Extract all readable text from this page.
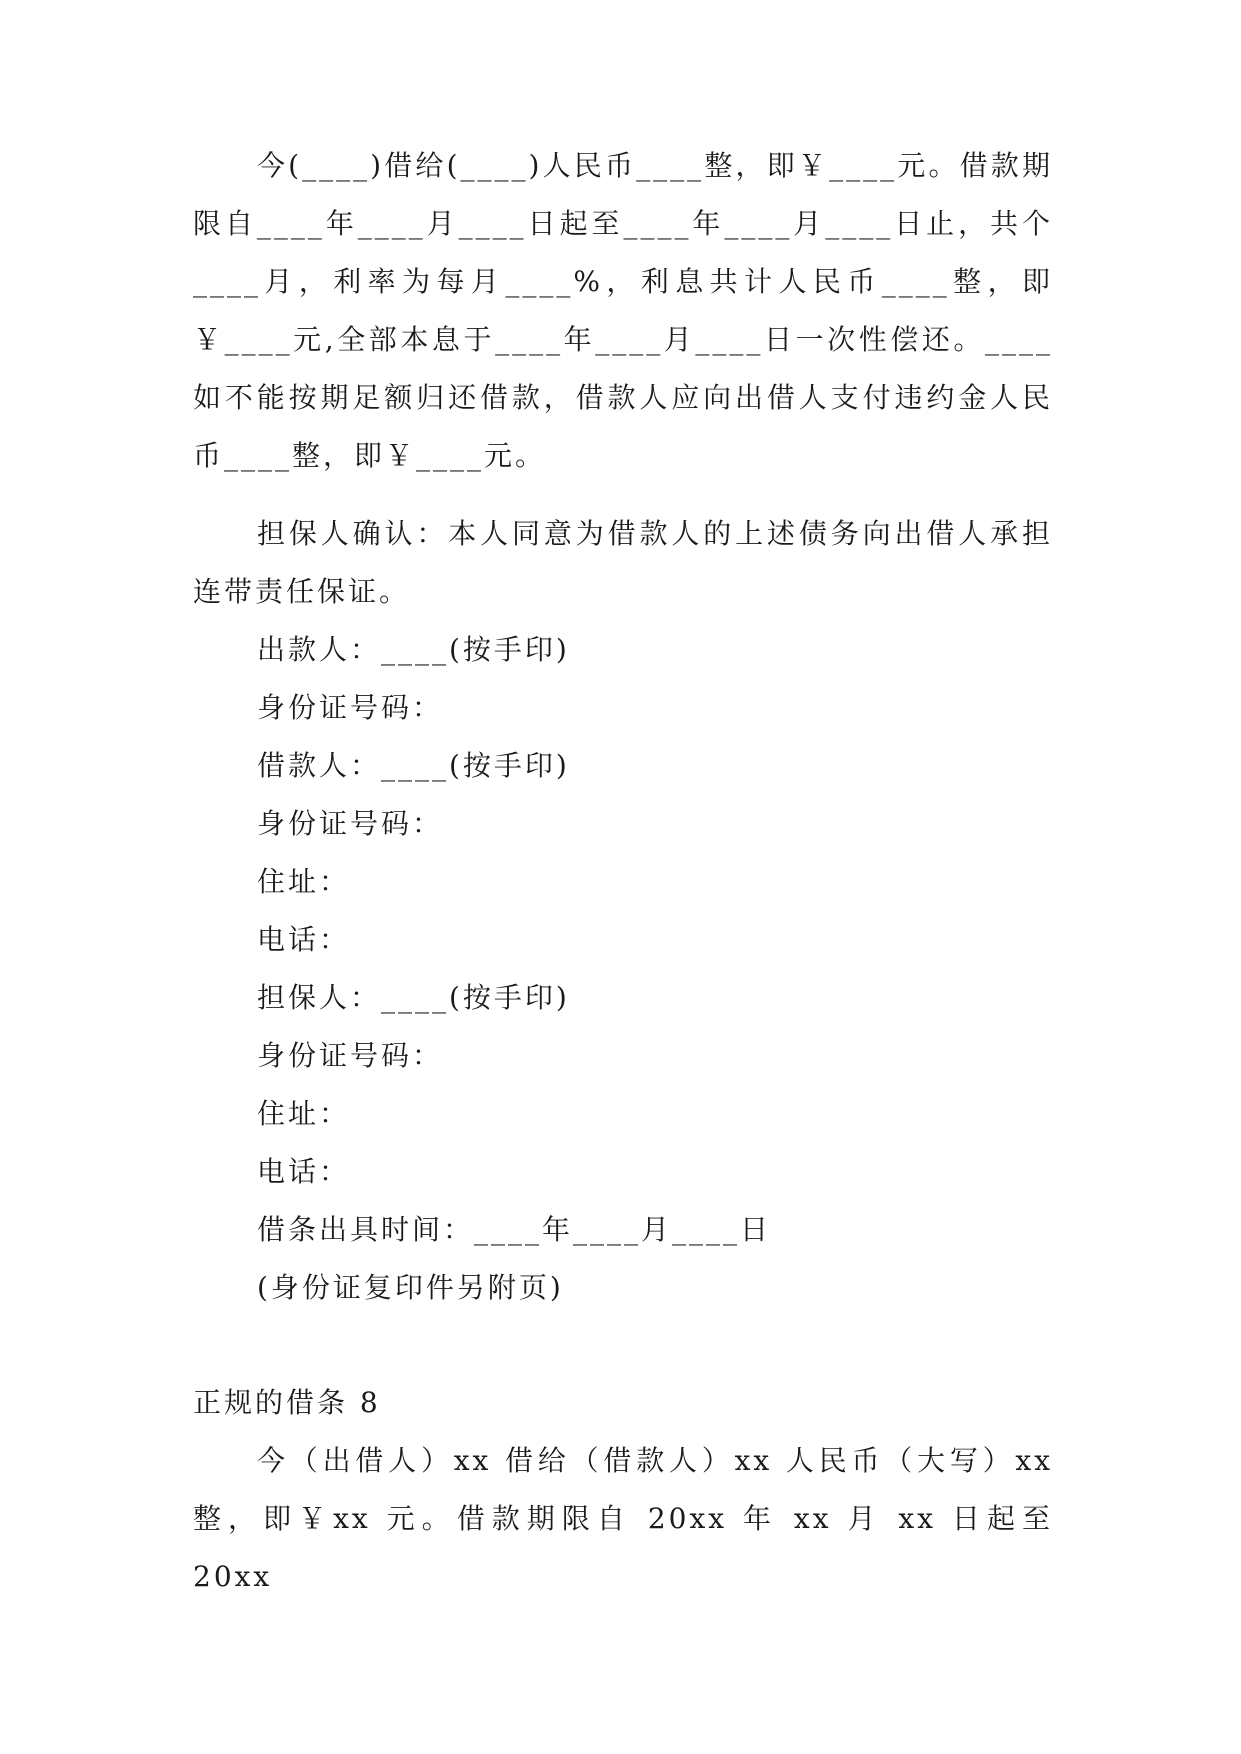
今(____)借给(____)人民币____整，即￥____元。借款期限自____年____月____日起至____年____月____日止，共个____月，利率为每月____%，利息共计人民币____整，即￥____元,全部本息于____年____月____日一次性偿还。____如不能按期足额归还借款，借款人应向出借人支付违约金人民币____整，即￥____元。

担保人确认：本人同意为借款人的上述债务向出借人承担连带责任保证。

出款人：____(按手印)

身份证号码：

借款人：____(按手印)

身份证号码：

住址：

电话：

担保人：____(按手印)

身份证号码：

住址：

电话：

借条出具时间：____年____月____日

(身份证复印件另附页)

正规的借条 8

今（出借人）xx 借给（借款人）xx 人民币（大写）xx 整，即￥xx 元。借款期限自 20xx 年 xx 月 xx 日起至 20xx
